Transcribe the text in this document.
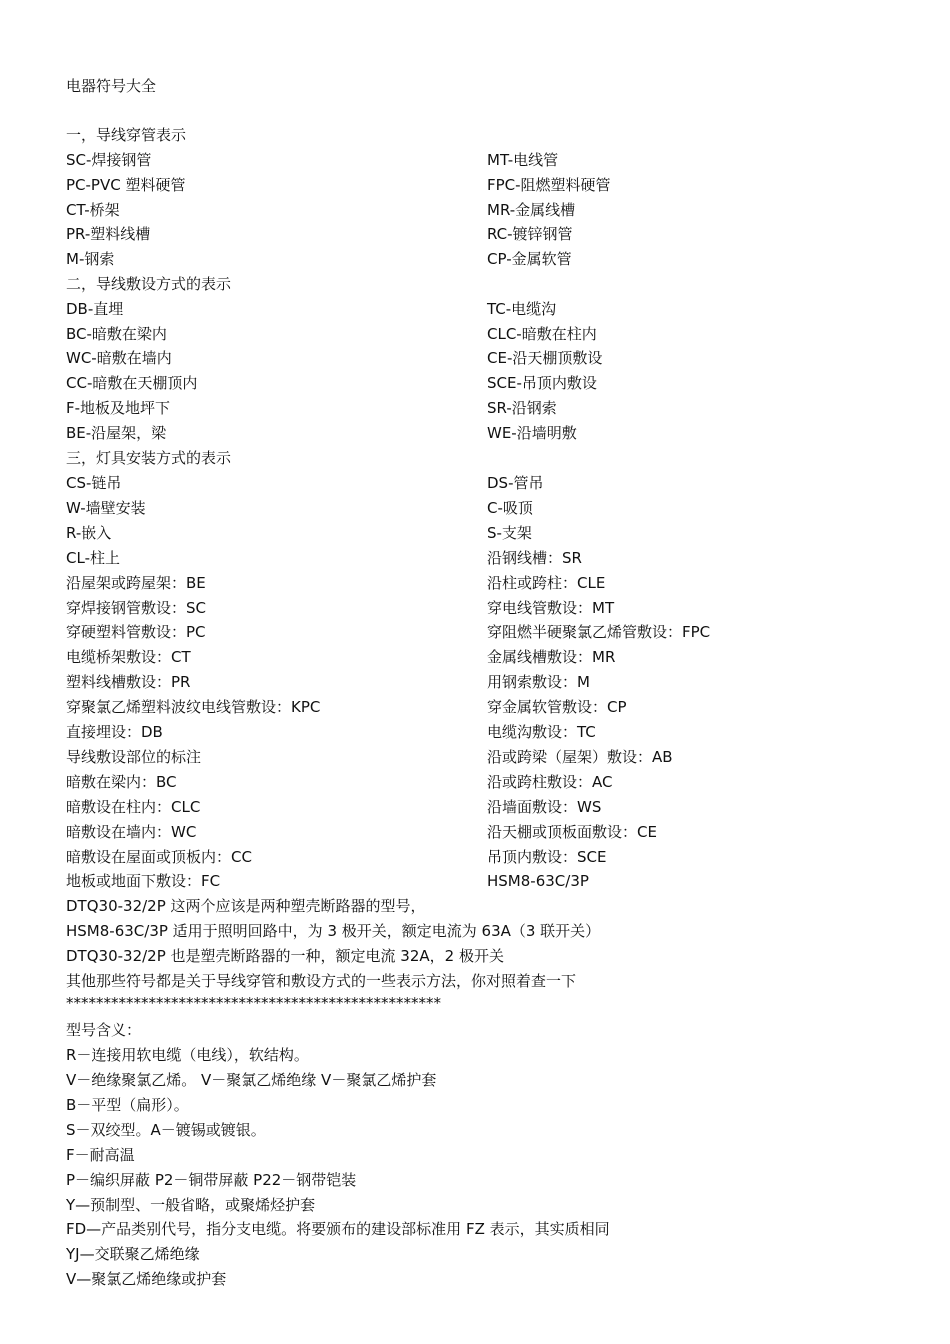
电器符号大全
一，导线穿管表示
SC-焊接钢管	MT-电线管
PC-PVC 塑料硬管	FPC-阻燃塑料硬管
CT-桥架	MR-金属线槽
PR-塑料线槽	RC-镀锌钢管
M-钢索	CP-金属软管
二，导线敷设方式的表示
DB-直埋	TC-电缆沟
BC-暗敷在梁内	CLC-暗敷在柱内
WC-暗敷在墙内	CE-沿天棚顶敷设
CC-暗敷在天棚顶内	SCE-吊顶内敷设
F-地板及地坪下	SR-沿钢索
BE-沿屋架，梁	WE-沿墙明敷
三，灯具安装方式的表示
CS-链吊	DS-管吊
W-墙壁安装	C-吸顶
R-嵌入	S-支架
CL-柱上	沿钢线槽：SR
沿屋架或跨屋架：BE	沿柱或跨柱：CLE
穿焊接钢管敷设：SC	穿电线管敷设：MT
穿硬塑料管敷设：PC	穿阻燃半硬聚氯乙烯管敷设：FPC
电缆桥架敷设：CT	金属线槽敷设：MR
塑料线槽敷设：PR	用钢索敷设：M
穿聚氯乙烯塑料波纹电线管敷设：KPC	穿金属软管敷设：CP
直接埋设：DB	电缆沟敷设：TC
导线敷设部位的标注	沿或跨梁（屋架）敷设：AB
暗敷在梁内：BC	沿或跨柱敷设：AC
暗敷设在柱内：CLC	沿墙面敷设：WS
暗敷设在墙内：WC	沿天棚或顶板面敷设：CE
暗敷设在屋面或顶板内：CC	吊顶内敷设：SCE
地板或地面下敷设：FC	HSM8-63C/3P
DTQ30-32/2P 这两个应该是两种塑壳断路器的型号，
HSM8-63C/3P 适用于照明回路中，为 3 极开关，额定电流为 63A（3 联开关）
DTQ30-32/2P 也是塑壳断路器的一种，额定电流 32A，2 极开关
其他那些符号都是关于导线穿管和敷设方式的一些表示方法，你对照着查一下
**************************************************
型号含义：
R－连接用软电缆（电线），软结构。
V－绝缘聚氯乙烯。 V－聚氯乙烯绝缘 V－聚氯乙烯护套
B－平型（扁形）。
S－双绞型。A－镀锡或镀银。
F－耐高温
P－编织屏蔽 P2－铜带屏蔽 P22－钢带铠装
Y—预制型、一般省略，或聚烯烃护套
FD—产品类别代号，指分支电缆。将要颁布的建设部标准用 FZ 表示，其实质相同
YJ—交联聚乙烯绝缘
V—聚氯乙烯绝缘或护套
